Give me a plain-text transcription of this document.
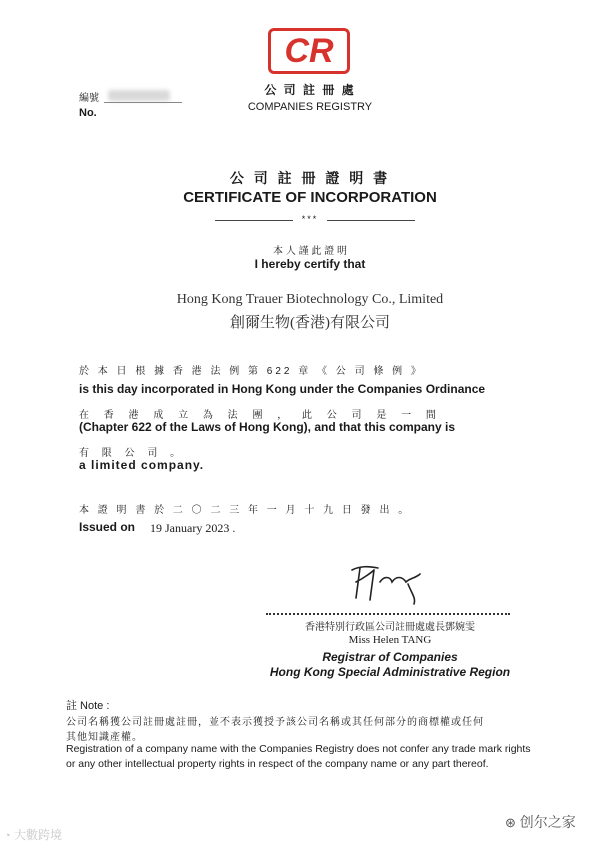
CR
公 司 註 冊 處
COMPANIES REGISTRY
編號
No.
公 司 註 冊 證 明 書
CERTIFICATE OF INCORPORATION
***
本 人 謹 此 證 明
I hereby certify that
Hong Kong Trauer Biotechnology Co., Limited
創爾生物(香港)有限公司
於 本 日 根 據 香 港 法 例 第 622 章 《 公 司 條 例 》
is this day incorporated in Hong Kong under the Companies Ordinance
在 香 港 成 立 為 法 團 ， 此 公 司 是 一 間
(Chapter 622 of the Laws of Hong Kong), and that this company is
有 限 公 司 。
a limited company.
本 證 明 書 於 二 〇 二 三 年 一 月 十 九 日 發 出 。
Issued on 19 January 2023 .
香港特別行政區公司註冊處處長鄧婉雯
Miss Helen TANG
Registrar of Companies
Hong Kong Special Administrative Region
註 Note :
公司名稱獲公司註冊處註冊，並不表示獲授予該公司名稱或其任何部分的商標權或任何
其他知識產權。
Registration of a company name with the Companies Registry does not confer any trade mark rights
or any other intellectual property rights in respect of the company name or any part thereof.
◔ 大數跨境
⊛ 创尔之家
